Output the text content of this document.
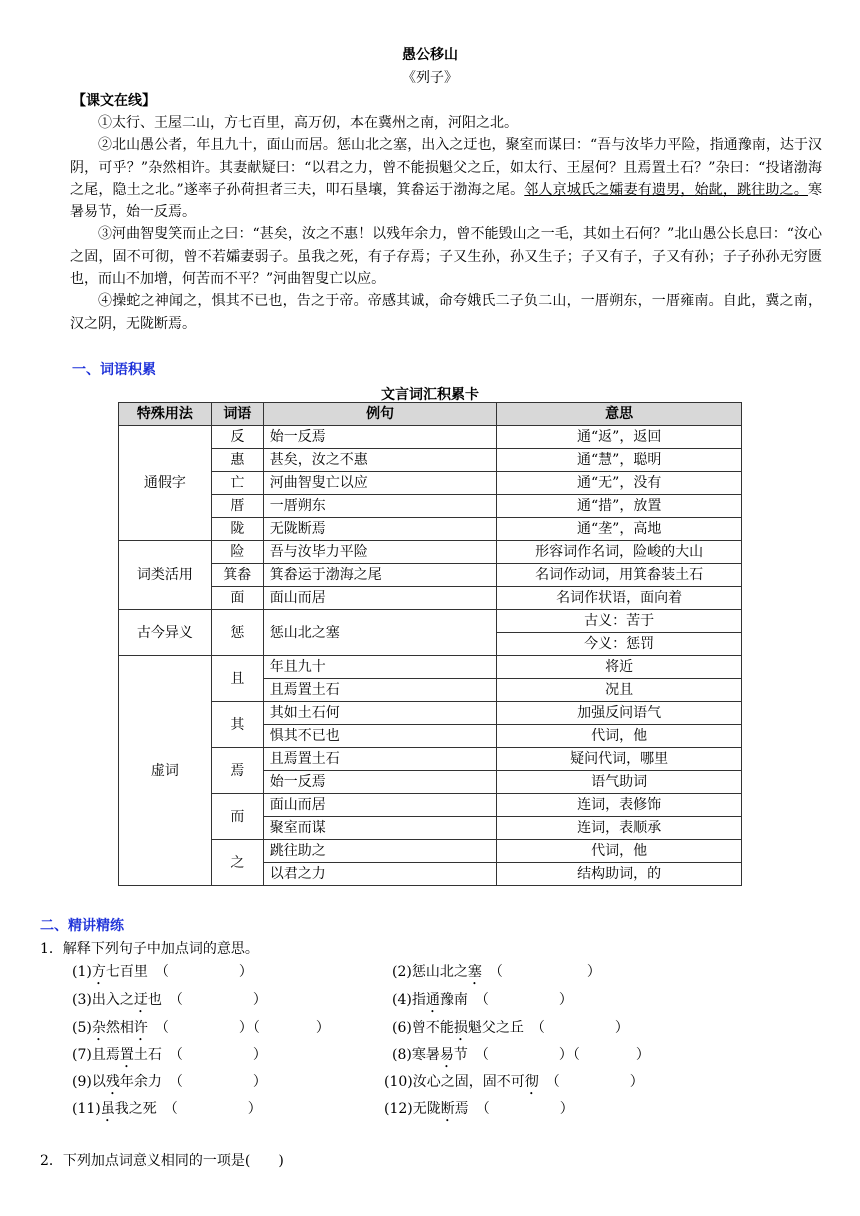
愚公移山
《列子》
【课文在线】

①太行、王屋二山，方七百里，高万仞，本在冀州之南，河阳之北。

②北山愚公者，年且九十，面山而居。惩山北之塞，出入之迂也，聚室而谋曰：“吾与汝毕力平险，指通豫南，达于汉阴，可乎？”杂然相许。其妻献疑曰：“以君之力，曾不能损魁父之丘，如太行、王屋何？且焉置土石？”杂曰：“投诸渤海之尾，隐土之北。”遂率子孙荷担者三夫，叩石垦壤，箕畚运于渤海之尾。邻人京城氏之孀妻有遗男，始龀，跳往助之。寒暑易节，始一反焉。

③河曲智叟笑而止之曰：“甚矣，汝之不惠！以残年余力，曾不能毁山之一毛，其如土石何？”北山愚公长息曰：“汝心之固，固不可彻，曾不若孀妻弱子。虽我之死，有子存焉；子又生孙，孙又生子；子又有子，子又有孙；子子孙孙无穷匮也，而山不加增，何苦而不平？”河曲智叟亡以应。

④操蛇之神闻之，惧其不已也，告之于帝。帝感其诚，命夸娥氏二子负二山，一厝朔东，一厝雍南。自此，冀之南，汉之阴，无陇断焉。

一、词语积累
文言词汇积累卡
特殊用法	词语	例句	意思
通假字	反	始一反焉	通“返”，返回
	惠	甚矣，汝之不惠	通“慧”，聪明
	亡	河曲智叟亡以应	通“无”，没有
	厝	一厝朔东	通“措”，放置
	陇	无陇断焉	通“垄”，高地
词类活用	险	吾与汝毕力平险	形容词作名词，险峻的大山
	箕畚	箕畚运于渤海之尾	名词作动词，用箕畚装土石
	面	面山而居	名词作状语，面向着
古今异义	惩	惩山北之塞	古义：苦于
			今义：惩罚
虚词	且	年且九十	将近
		且焉置土石	况且
	其	其如土石何	加强反问语气
		惧其不已也	代词，他
	焉	且焉置土石	疑问代词，哪里
		始一反焉	语气助词
	而	面山而居	连词，表修饰
		聚室而谋	连词，表顺承
	之	跳往助之	代词，他
		以君之力	结构助词，的
二、精讲精练
1．解释下列句子中加点词的意思。
(1)方七百里　 （　　　　　）	(2)惩山北之塞　 （　　　　　　）
(3)出入之迂也　 （　　　　　）	(4)指通豫南　 （　　　　　）
(5)杂然相许　 （　　　　　）（　　　　）	(6)曾不能损魁父之丘　 （　　　　　）
(7)且焉置土石　 （　　　　　）	(8)寒暑易节　 （　　　　　）（　　　　）
(9)以残年余力　 （　　　　　）	(10)汝心之固，固不可彻　 （　　　　　）
(11)虽我之死　 （　　　　　）	(12)无陇断焉　 （　　　　　）
2．下列加点词意义相同的一项是(　　)
